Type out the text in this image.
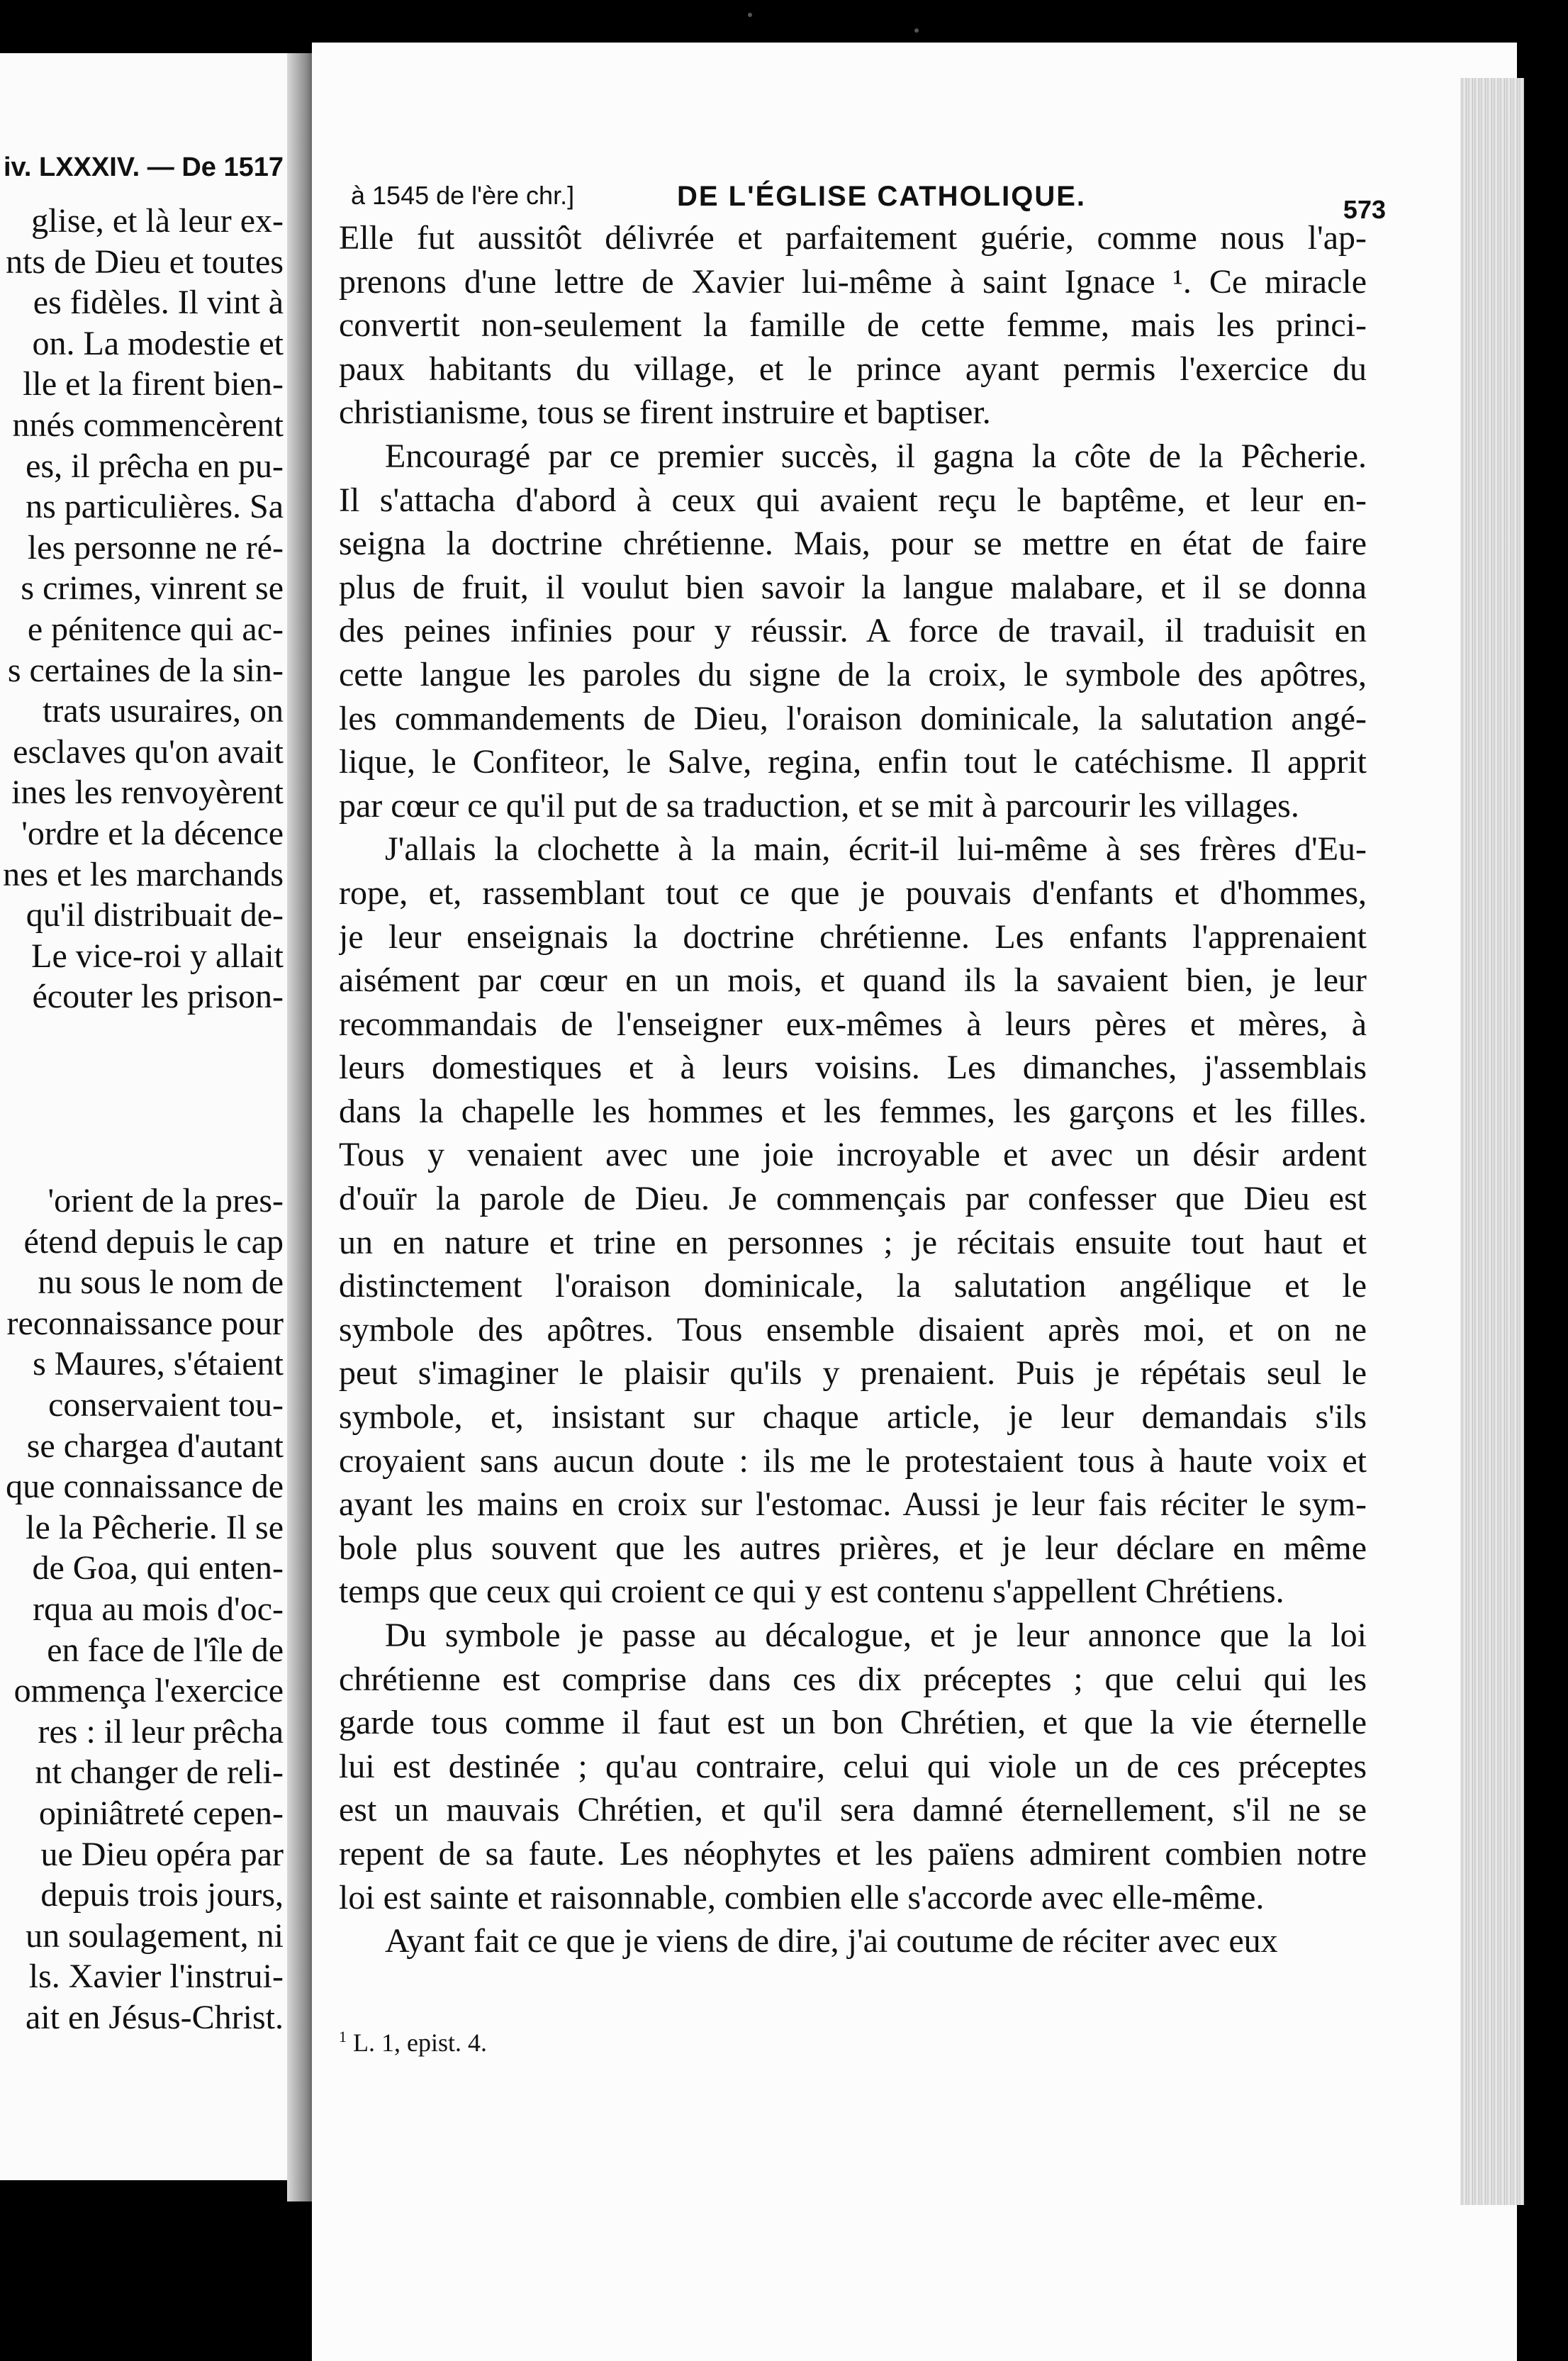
iv. LXXXIV. — De 1517
glise, et là leur ex-
nts de Dieu et toutes
es fidèles. Il vint à
on. La modestie et
lle et la firent bien-
nnés commencèrent
es, il prêcha en pu-
ns particulières. Sa
les personne ne ré-
s crimes, vinrent se
e pénitence qui ac-
s certaines de la sin-
trats usuraires, on
esclaves qu'on avait
ines les renvoyèrent
'ordre et la décence
nes et les marchands
qu'il distribuait de-
Le vice-roi y allait
écouter les prison-
'orient de la pres-
étend depuis le cap
nu sous le nom de
reconnaissance pour
s Maures, s'étaient
conservaient tou-
se chargea d'autant
que connaissance de
le la Pêcherie. Il se
de Goa, qui enten-
rqua au mois d'oc-
en face de l'île de
ommença l'exercice
res : il leur prêcha
nt changer de reli-
opiniâtreté cepen-
ue Dieu opéra par
depuis trois jours,
un soulagement, ni
ls. Xavier l'instrui-
ait en Jésus-Christ.
à 1545 de l'ère chr.]	DE L'ÉGLISE CATHOLIQUE.	573
Elle fut aussitôt délivrée et parfaitement guérie, comme nous l'ap-
prenons d'une lettre de Xavier lui-même à saint Ignace ¹. Ce miracle
convertit non-seulement la famille de cette femme, mais les princi-
paux habitants du village, et le prince ayant permis l'exercice du
christianisme, tous se firent instruire et baptiser.
Encouragé par ce premier succès, il gagna la côte de la Pêcherie.
Il s'attacha d'abord à ceux qui avaient reçu le baptême, et leur en-
seigna la doctrine chrétienne. Mais, pour se mettre en état de faire
plus de fruit, il voulut bien savoir la langue malabare, et il se donna
des peines infinies pour y réussir. A force de travail, il traduisit en
cette langue les paroles du signe de la croix, le symbole des apôtres,
les commandements de Dieu, l'oraison dominicale, la salutation angé-
lique, le Confiteor, le Salve, regina, enfin tout le catéchisme. Il apprit
par cœur ce qu'il put de sa traduction, et se mit à parcourir les villages.
J'allais la clochette à la main, écrit-il lui-même à ses frères d'Eu-
rope, et, rassemblant tout ce que je pouvais d'enfants et d'hommes,
je leur enseignais la doctrine chrétienne. Les enfants l'apprenaient
aisément par cœur en un mois, et quand ils la savaient bien, je leur
recommandais de l'enseigner eux-mêmes à leurs pères et mères, à
leurs domestiques et à leurs voisins. Les dimanches, j'assemblais
dans la chapelle les hommes et les femmes, les garçons et les filles.
Tous y venaient avec une joie incroyable et avec un désir ardent
d'ouïr la parole de Dieu. Je commençais par confesser que Dieu est
un en nature et trine en personnes ; je récitais ensuite tout haut et
distinctement l'oraison dominicale, la salutation angélique et le
symbole des apôtres. Tous ensemble disaient après moi, et on ne
peut s'imaginer le plaisir qu'ils y prenaient. Puis je répétais seul le
symbole, et, insistant sur chaque article, je leur demandais s'ils
croyaient sans aucun doute : ils me le protestaient tous à haute voix et
ayant les mains en croix sur l'estomac. Aussi je leur fais réciter le sym-
bole plus souvent que les autres prières, et je leur déclare en même
temps que ceux qui croient ce qui y est contenu s'appellent Chrétiens.
Du symbole je passe au décalogue, et je leur annonce que la loi
chrétienne est comprise dans ces dix préceptes ; que celui qui les
garde tous comme il faut est un bon Chrétien, et que la vie éternelle
lui est destinée ; qu'au contraire, celui qui viole un de ces préceptes
est un mauvais Chrétien, et qu'il sera damné éternellement, s'il ne se
repent de sa faute. Les néophytes et les païens admirent combien notre
loi est sainte et raisonnable, combien elle s'accorde avec elle-même.
Ayant fait ce que je viens de dire, j'ai coutume de réciter avec eux
$^1$ L. 1, epist. 4.
